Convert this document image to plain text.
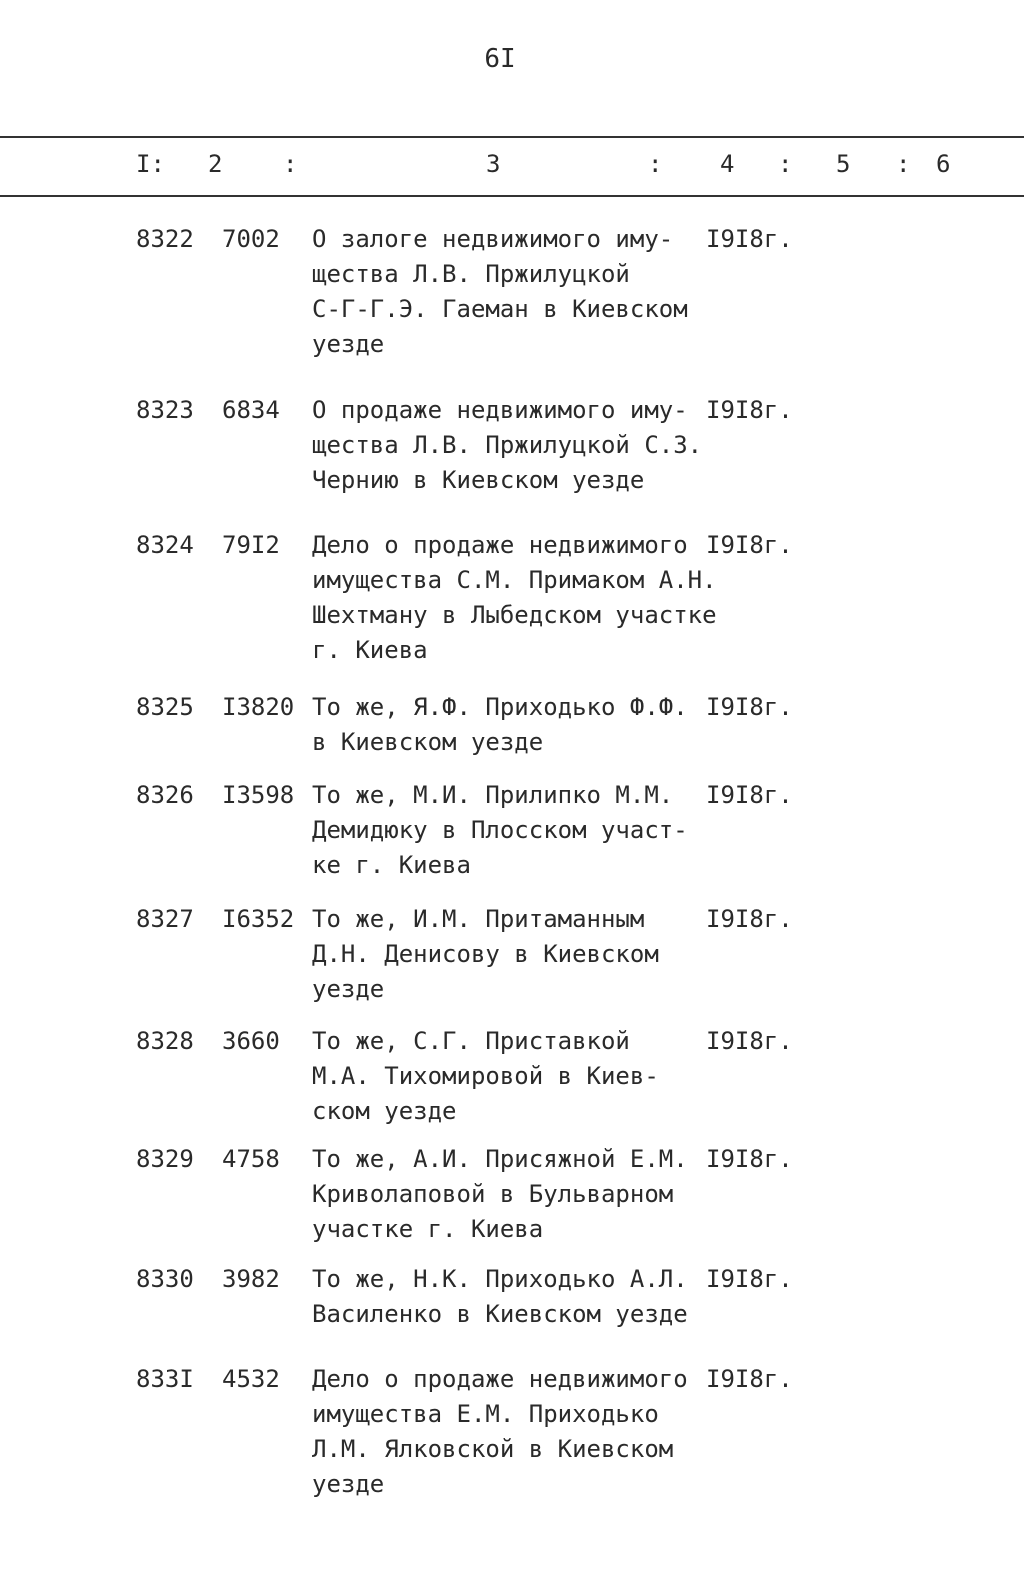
6I
I: 2	:	3	: 4 : 5 : 6
8322	7002	О залоге недвижимого иму-
щества Л.В. Пржилуцкой
С-Г-Г.Э. Гаеман в Киевском
уезде
I9I8г.
8323	6834	О продаже недвижимого иму-
щества Л.В. Пржилуцкой С.З.
Чернию в Киевском уезде
I9I8г.
8324	79I2	Дело о продаже недвижимого
имущества С.М. Примаком А.Н.
Шехтману в Лыбедском участке
г. Киева
I9I8г.
8325	I3820 То же, Я.Ф. Приходько Ф.Ф.
в Киевском уезде
I9I8г.
8326	I3598 То же, М.И. Прилипко М.М.
Демидюку в Плосском участ-
ке г. Киева
I9I8г.
8327	I6352 То же, И.М. Притаманным
Д.Н. Денисову в Киевском
уезде
I9I8г.
8328	3660	То же, С.Г. Приставкой
М.А. Тихомировой в Киев-
ском уезде
I9I8г.
8329	4758	То же, А.И. Присяжной Е.М.
Криволаповой в Бульварном
участке г. Киева
I9I8г.
8330	3982	То же, Н.К. Приходько А.Л.
Василенко в Киевском уезде
I9I8г.
833I	4532	Дело о продаже недвижимого
имущества Е.М. Приходько
Л.М. Ялковской в Киевском
уезде
I9I8г.
